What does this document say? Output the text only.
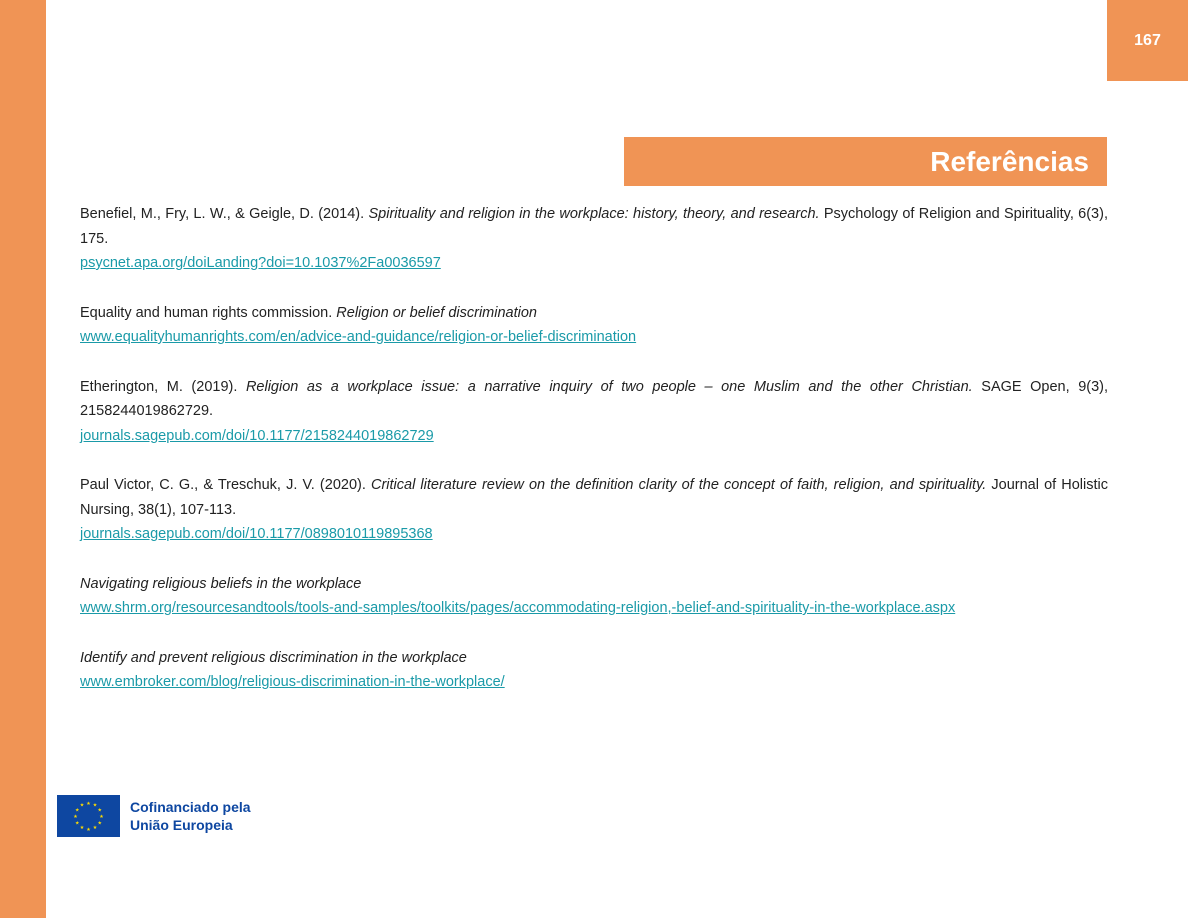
167
Referências

Benefiel, M., Fry, L. W., & Geigle, D. (2014). Spirituality and religion in the workplace: history, theory, and research. Psychology of Religion and Spirituality, 6(3), 175.

psycnet.apa.org/doiLanding?doi=10.1037%2Fa0036597

Equality and human rights commission. Religion or belief discrimination

www.equalityhumanrights.com/en/advice-and-guidance/religion-or-belief-discrimination

Etherington, M. (2019). Religion as a workplace issue: a narrative inquiry of two people – one Muslim and the other Christian. SAGE Open, 9(3), 2158244019862729.

journals.sagepub.com/doi/10.1177/2158244019862729

Paul Victor, C. G., & Treschuk, J. V. (2020). Critical literature review on the definition clarity of the concept of faith, religion, and spirituality. Journal of Holistic Nursing, 38(1), 107-113.

journals.sagepub.com/doi/10.1177/0898010119895368

Navigating religious beliefs in the workplace

www.shrm.org/resourcesandtools/tools-and-samples/toolkits/pages/accommodating-religion,-belief-and-spirituality-in-the-workplace.aspx

Identify and prevent religious discrimination in the workplace

www.embroker.com/blog/religious-discrimination-in-the-workplace/
★ ★
★
★
★
★
★
★
★
★
★
★	Cofinanciado pela
União Europeia
